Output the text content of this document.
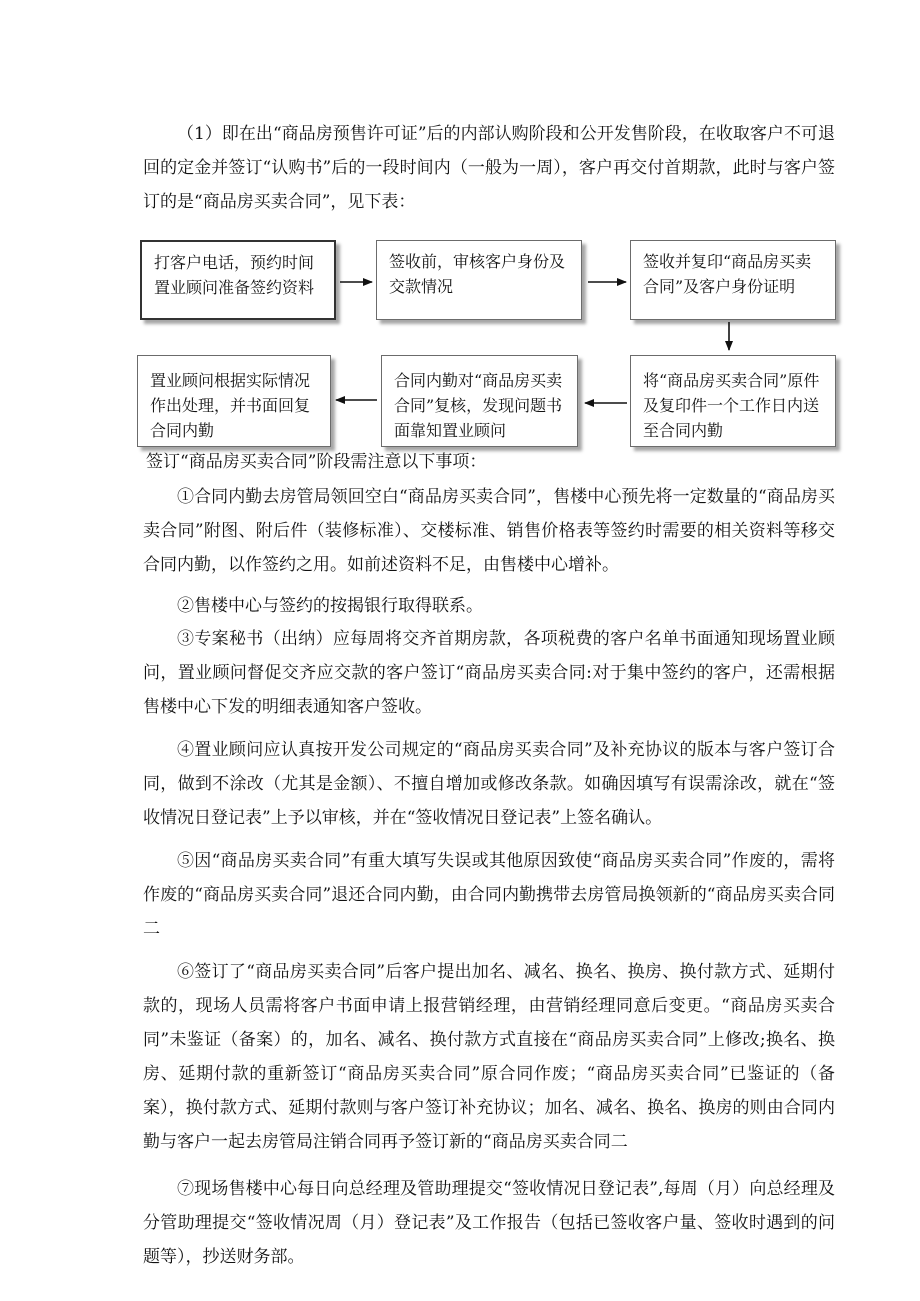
（1）即在出“商品房预售许可证”后的内部认购阶段和公开发售阶段，在收取客户不可退回的定金并签订“认购书”后的一段时间内（一般为一周），客户再交付首期款，此时与客户签订的是“商品房买卖合同”，见下表：

打客户电话，预约时间置业顾问准备签约资料
签收前，审核客户身份及交款情况
签收并复印“商品房买卖合同”及客户身份证明
将“商品房买卖合同”原件及复印件一个工作日内送至合同内勤
合同内勤对“商品房买卖合同”复核，发现问题书面靠知置业顾问
置业顾问根据实际情况作出处理，并书面回复合同内勤

签订“商品房买卖合同”阶段需注意以下事项：

①合同内勤去房管局领回空白“商品房买卖合同”，售楼中心预先将一定数量的“商品房买卖合同”附图、附后件（装修标准）、交楼标准、销售价格表等签约时需要的相关资料等移交合同内勤，以作签约之用。如前述资料不足，由售楼中心增补。

②售楼中心与签约的按揭银行取得联系。

③专案秘书（出纳）应每周将交齐首期房款，各项税费的客户名单书面通知现场置业顾问，置业顾问督促交齐应交款的客户签订“商品房买卖合同:对于集中签约的客户，还需根据售楼中心下发的明细表通知客户签收。

④置业顾问应认真按开发公司规定的“商品房买卖合同”及补充协议的版本与客户签订合同，做到不涂改（尤其是金额）、不擅自增加或修改条款。如确因填写有误需涂改，就在“签收情况日登记表”上予以审核，并在“签收情况日登记表”上签名确认。

⑤因“商品房买卖合同”有重大填写失误或其他原因致使“商品房买卖合同”作废的，需将作废的“商品房买卖合同”退还合同内勤，由合同内勤携带去房管局换领新的“商品房买卖合同二

⑥签订了“商品房买卖合同”后客户提出加名、减名、换名、换房、换付款方式、延期付款的，现场人员需将客户书面申请上报营销经理，由营销经理同意后变更。“商品房买卖合同”未鉴证（备案）的，加名、减名、换付款方式直接在“商品房买卖合同”上修改;换名、换房、延期付款的重新签订“商品房买卖合同”原合同作废；“商品房买卖合同”已鉴证的（备案），换付款方式、延期付款则与客户签订补充协议；加名、减名、换名、换房的则由合同内勤与客户一起去房管局注销合同再予签订新的“商品房买卖合同二

⑦现场售楼中心每日向总经理及管助理提交“签收情况日登记表”,每周（月）向总经理及分管助理提交“签收情况周（月）登记表”及工作报告（包括已签收客户量、签收时遇到的问题等），抄送财务部。
